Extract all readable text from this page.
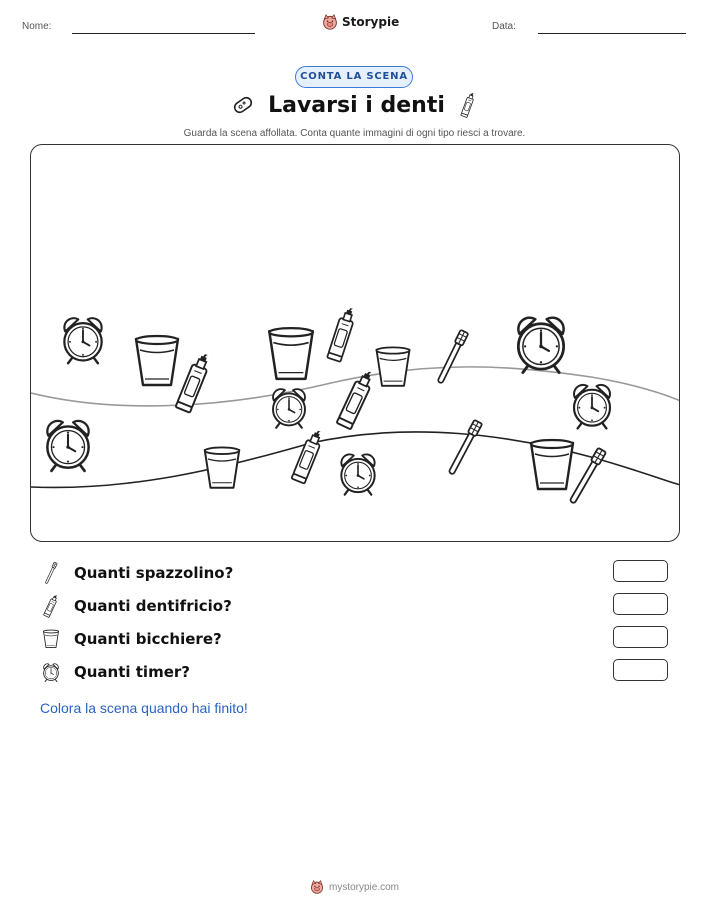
Nome:	Storypie	Data:
CONTA LA SCENA
Lavarsi i denti
Guarda la scena affollata. Conta quante immagini di ogni tipo riesci a trovare.
Quanti spazzolino?
Quanti dentifricio?
Quanti bicchiere?
Quanti timer?
Colora la scena quando hai finito!
mystorypie.com
